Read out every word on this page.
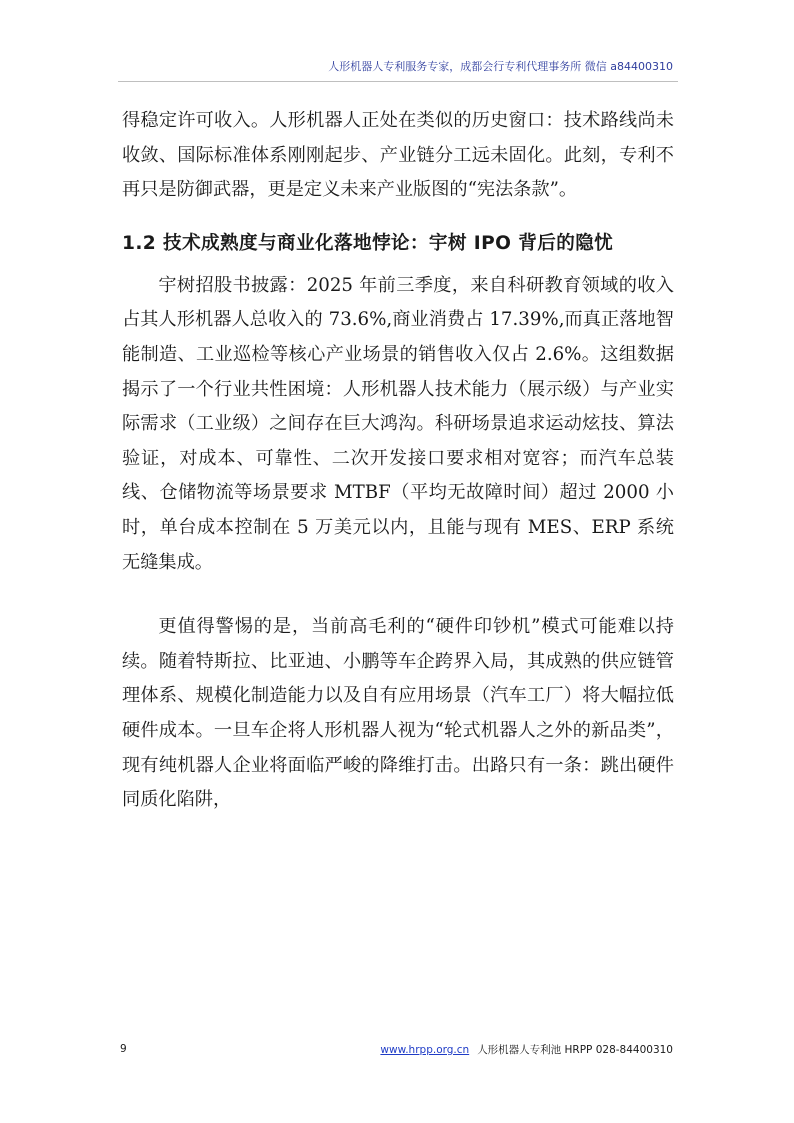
人形机器人专利服务专家，成都会行专利代理事务所 微信 a84400310

得稳定许可收入。人形机器人正处在类似的历史窗口：技术路线尚未收敛、国际标准体系刚刚起步、产业链分工远未固化。此刻，专利不再只是防御武器，更是定义未来产业版图的“宪法条款”。

1.2 技术成熟度与商业化落地悖论：宇树 IPO 背后的隐忧

宇树招股书披露：2025 年前三季度，来自科研教育领域的收入占其人形机器人总收入的 73.6%,商业消费占 17.39%,而真正落地智能制造、工业巡检等核心产业场景的销售收入仅占 2.6%。这组数据揭示了一个行业共性困境：人形机器人技术能力（展示级）与产业实际需求（工业级）之间存在巨大鸿沟。科研场景追求运动炫技、算法验证，对成本、可靠性、二次开发接口要求相对宽容；而汽车总装线、仓储物流等场景要求 MTBF（平均无故障时间）超过 2000 小时，单台成本控制在 5 万美元以内，且能与现有 MES、ERP 系统无缝集成。

更值得警惕的是，当前高毛利的“硬件印钞机”模式可能难以持续。随着特斯拉、比亚迪、小鹏等车企跨界入局，其成熟的供应链管理体系、规模化制造能力以及自有应用场景（汽车工厂）将大幅拉低硬件成本。一旦车企将人形机器人视为“轮式机器人之外的新品类”，现有纯机器人企业将面临严峻的降维打击。出路只有一条：跳出硬件同质化陷阱，

9	www.hrpp.org.cn 人形机器人专利池 HRPP 028-84400310
